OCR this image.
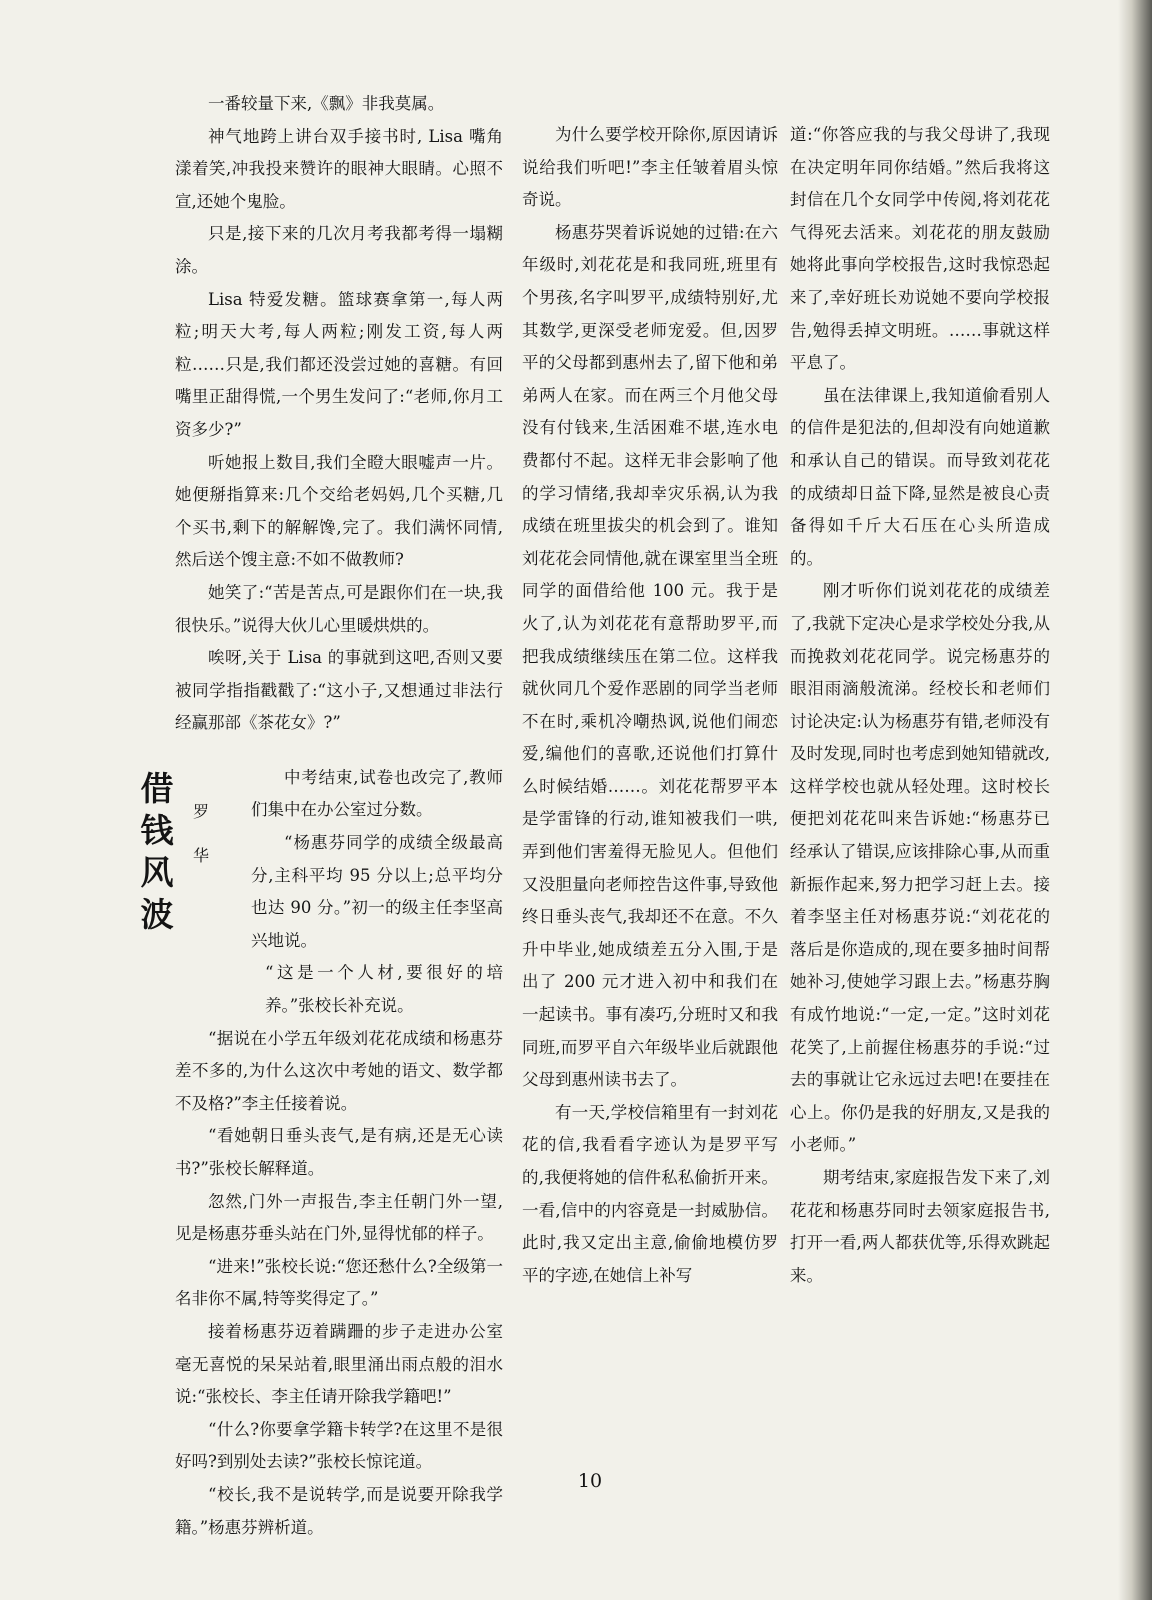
一番较量下来,《飘》非我莫属。

神气地跨上讲台双手接书时, Lisa 嘴角漾着笑,冲我投来赞许的眼神大眼睛。心照不宣,还她个鬼脸。

只是,接下来的几次月考我都考得一塌糊涂。

Lisa 特爱发糖。篮球赛拿第一,每人两粒;明天大考,每人两粒;刚发工资,每人两粒……只是,我们都还没尝过她的喜糖。有回嘴里正甜得慌,一个男生发问了:“老师,你月工资多少?”

听她报上数目,我们全瞪大眼嘘声一片。她便掰指算来:几个交给老妈妈,几个买糖,几个买书,剩下的解解馋,完了。我们满怀同情,然后送个馊主意:不如不做教师?

她笑了:“苦是苦点,可是跟你们在一块,我很快乐。”说得大伙儿心里暖烘烘的。

唉呀,关于 Lisa 的事就到这吧,否则又要被同学指指戳戳了:“这小子,又想通过非法行经赢那部《茶花女》?”

借
钱
风
波
罗
华

中考结束,试卷也改完了,教师们集中在办公室过分数。

“杨惠芬同学的成绩全级最高分,主科平均 95 分以上;总平均分也达 90 分。”初一的级主任李坚高兴地说。

“这是一个人材,要很好的培养。”张校长补充说。

“据说在小学五年级刘花花成绩和杨惠芬差不多的,为什么这次中考她的语文、数学都不及格?”李主任接着说。

“看她朝日垂头丧气,是有病,还是无心读书?”张校长解释道。

忽然,门外一声报告,李主任朝门外一望,见是杨惠芬垂头站在门外,显得忧郁的样子。

“进来!”张校长说:“您还愁什么?全级第一名非你不属,特等奖得定了。”

接着杨惠芬迈着蹒跚的步子走进办公室毫无喜悦的呆呆站着,眼里涌出雨点般的泪水说:“张校长、李主任请开除我学籍吧!”

“什么?你要拿学籍卡转学?在这里不是很好吗?到别处去读?”张校长惊诧道。

“校长,我不是说转学,而是说要开除我学籍。”杨惠芬辨析道。

为什么要学校开除你,原因请诉说给我们听吧!”李主任皱着眉头惊奇说。

杨惠芬哭着诉说她的过错:在六年级时,刘花花是和我同班,班里有个男孩,名字叫罗平,成绩特别好,尤其数学,更深受老师宠爱。但,因罗平的父母都到惠州去了,留下他和弟弟两人在家。而在两三个月他父母没有付钱来,生活困难不堪,连水电费都付不起。这样无非会影响了他的学习情绪,我却幸灾乐祸,认为我成绩在班里拔尖的机会到了。谁知刘花花会同情他,就在课室里当全班同学的面借给他 100 元。我于是火了,认为刘花花有意帮助罗平,而把我成绩继续压在第二位。这样我就伙同几个爱作恶剧的同学当老师不在时,乘机冷嘲热讽,说他们闹恋爱,编他们的喜歌,还说他们打算什么时候结婚……。刘花花帮罗平本是学雷锋的行动,谁知被我们一哄,弄到他们害羞得无脸见人。但他们又没胆量向老师控告这件事,导致他终日垂头丧气,我却还不在意。不久升中毕业,她成绩差五分入围,于是出了 200 元才进入初中和我们在一起读书。事有凑巧,分班时又和我同班,而罗平自六年级毕业后就跟他父母到惠州读书去了。

有一天,学校信箱里有一封刘花花的信,我看看字迹认为是罗平写的,我便将她的信件私私偷折开来。一看,信中的内容竟是一封威胁信。此时,我又定出主意,偷偷地模仿罗平的字迹,在她信上补写

道:“你答应我的与我父母讲了,我现在决定明年同你结婚。”然后我将这封信在几个女同学中传阅,将刘花花气得死去活来。刘花花的朋友鼓励她将此事向学校报告,这时我惊恐起来了,幸好班长劝说她不要向学校报告,勉得丢掉文明班。……事就这样平息了。

虽在法律课上,我知道偷看别人的信件是犯法的,但却没有向她道歉和承认自己的错误。而导致刘花花的成绩却日益下降,显然是被良心责备得如千斤大石压在心头所造成的。

刚才听你们说刘花花的成绩差了,我就下定决心是求学校处分我,从而挽救刘花花同学。说完杨惠芬的眼泪雨滴般流涕。经校长和老师们讨论决定:认为杨惠芬有错,老师没有及时发现,同时也考虑到她知错就改,这样学校也就从轻处理。这时校长便把刘花花叫来告诉她:“杨惠芬已经承认了错误,应该排除心事,从而重新振作起来,努力把学习赶上去。接着李坚主任对杨惠芬说:“刘花花的落后是你造成的,现在要多抽时间帮她补习,使她学习跟上去。”杨惠芬胸有成竹地说:“一定,一定。”这时刘花花笑了,上前握住杨惠芬的手说:“过去的事就让它永远过去吧!在要挂在心上。你仍是我的好朋友,又是我的小老师。”

期考结束,家庭报告发下来了,刘花花和杨惠芬同时去领家庭报告书,打开一看,两人都获优等,乐得欢跳起来。

10
